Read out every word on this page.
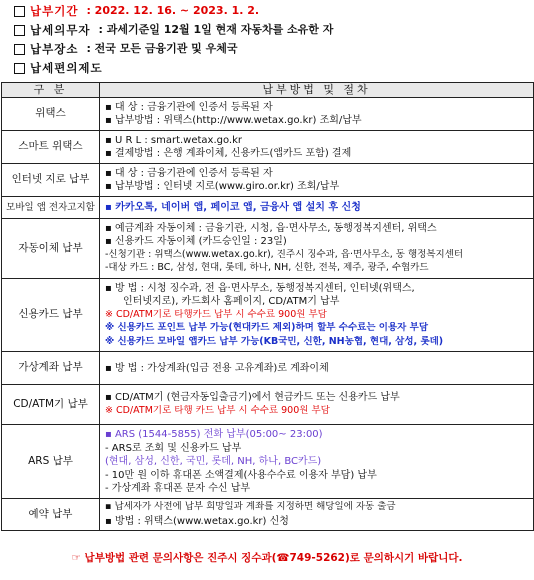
납부기간 : 2022. 12. 16. ~ 2023. 1. 2.
납세의무자 : 과세기준일 12월 1일 현재 자동차를 소유한 자
납부장소 : 전국 모든 금융기관 및 우체국
납세편의제도
구 분	납부방법 및 절차
위택스	▪ 대 상 : 금융기관에 인증서 등록된 자
▪ 납부방법 : 위택스(http://www.wetax.go.kr) 조회/납부

스마트 위택스	▪ U R L : smart.wetax.go.kr
▪ 결제방법 : 은행 계좌이체, 신용카드(앱카드 포함) 결제

인터넷 지로 납부	▪ 대 상 : 금융기관에 인증서 등록된 자
▪ 납부방법 : 인터넷 지로(www.giro.or.kr) 조회/납부

모바일 앱 전자고지함	▪ 카카오톡, 네이버 앱, 페이코 앱, 금융사 앱 설치 후 신청

자동이체 납부	▪ 예금계좌 자동이체 : 금융기관, 시청, 읍·면사무소, 동행정복지센터, 위택스
▪ 신용카드 자동이체 (카드승인일 : 23일)
-신청기관 : 위택스(www.wetax.go.kr), 진주시 징수과, 읍·면사무소, 동 행정복지센터
-대상 카드 : BC, 삼성, 현대, 롯데, 하나, NH, 신한, 전북, 제주, 광주, 수협카드

신용카드 납부	▪ 방 법 : 시청 징수과, 전 읍·면사무소, 동행정복지센터, 인터넷(위택스,
인터넷지로), 카드회사 홈페이지, CD/ATM기 납부
※ CD/ATM기로 타행카드 납부 시 수수료 900원 부담
※ 신용카드 포인트 납부 가능(현대카드 제외)하며 할부 수수료는 이용자 부담
※ 신용카드 모바일 앱카드 납부 가능(KB국민, 신한, NH농협, 현대, 삼성, 롯데)

가상계좌 납부	▪ 방 법 : 가상계좌(입금 전용 고유계좌)로 계좌이체

CD/ATM기 납부	▪ CD/ATM기 (현금자동입출금기)에서 현금카드 또는 신용카드 납부
※ CD/ATM기로 타행 카드 납부 시 수수료 900원 부담

ARS 납부	▪ ARS (1544-5855) 전화 납부(05:00~ 23:00)
- ARS로 조회 및 신용카드 납부
(현대, 삼성, 신한, 국민, 롯데, NH, 하나, BC카드)
- 10만 원 이하 휴대폰 소액결제(사용수수료 이용자 부담) 납부
- 가상계좌 휴대폰 문자 수신 납부

예약 납부	▪ 납세자가 사전에 납부 희망일과 계좌를 지정하면 해당일에 자동 출금
▪ 방법 : 위택스(www.wetax.go.kr) 신청
☞ 납부방법 관련 문의사항은 진주시 징수과(☎749-5262)로 문의하시기 바랍니다.
